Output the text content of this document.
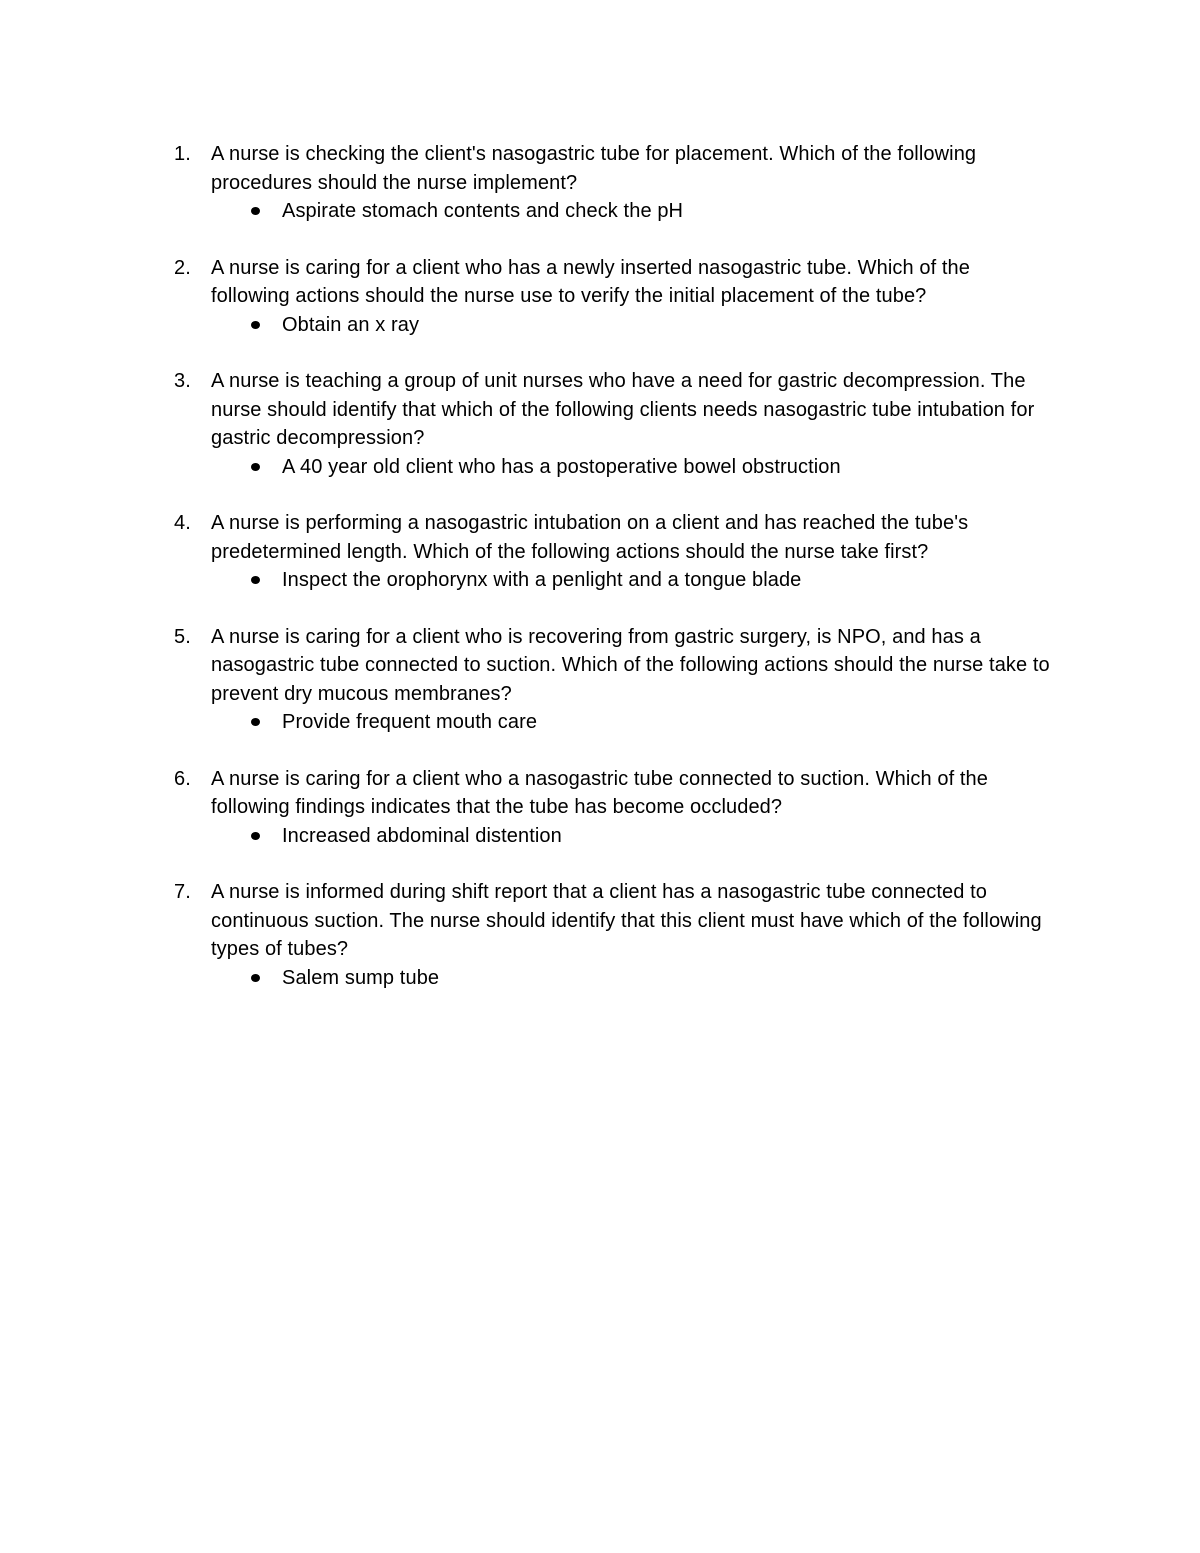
1. A nurse is checking the client's nasogastric tube for placement. Which of the following procedures should the nurse implement?
Aspirate stomach contents and check the pH
2. A nurse is caring for a client who has a newly inserted nasogastric tube. Which of the following actions should the nurse use to verify the initial placement of the tube?
Obtain an x ray
3. A nurse is teaching a group of unit nurses who have a need for gastric decompression. The nurse should identify that which of the following clients needs nasogastric tube intubation for gastric decompression?
A 40 year old client who has a postoperative bowel obstruction
4. A nurse is performing a nasogastric intubation on a client and has reached the tube's predetermined length. Which of the following actions should the nurse take first?
Inspect the orophorynx with a penlight and a tongue blade
5. A nurse is caring for a client who is recovering from gastric surgery, is NPO, and has a nasogastric tube connected to suction. Which of the following actions should the nurse take to prevent dry mucous membranes?
Provide frequent mouth care
6. A nurse is caring for a client who a nasogastric tube connected to suction. Which of the following findings indicates that the tube has become occluded?
Increased abdominal distention
7. A nurse is informed during shift report that a client has a nasogastric tube connected to continuous suction. The nurse should identify that this client must have which of the following types of tubes?
Salem sump tube
